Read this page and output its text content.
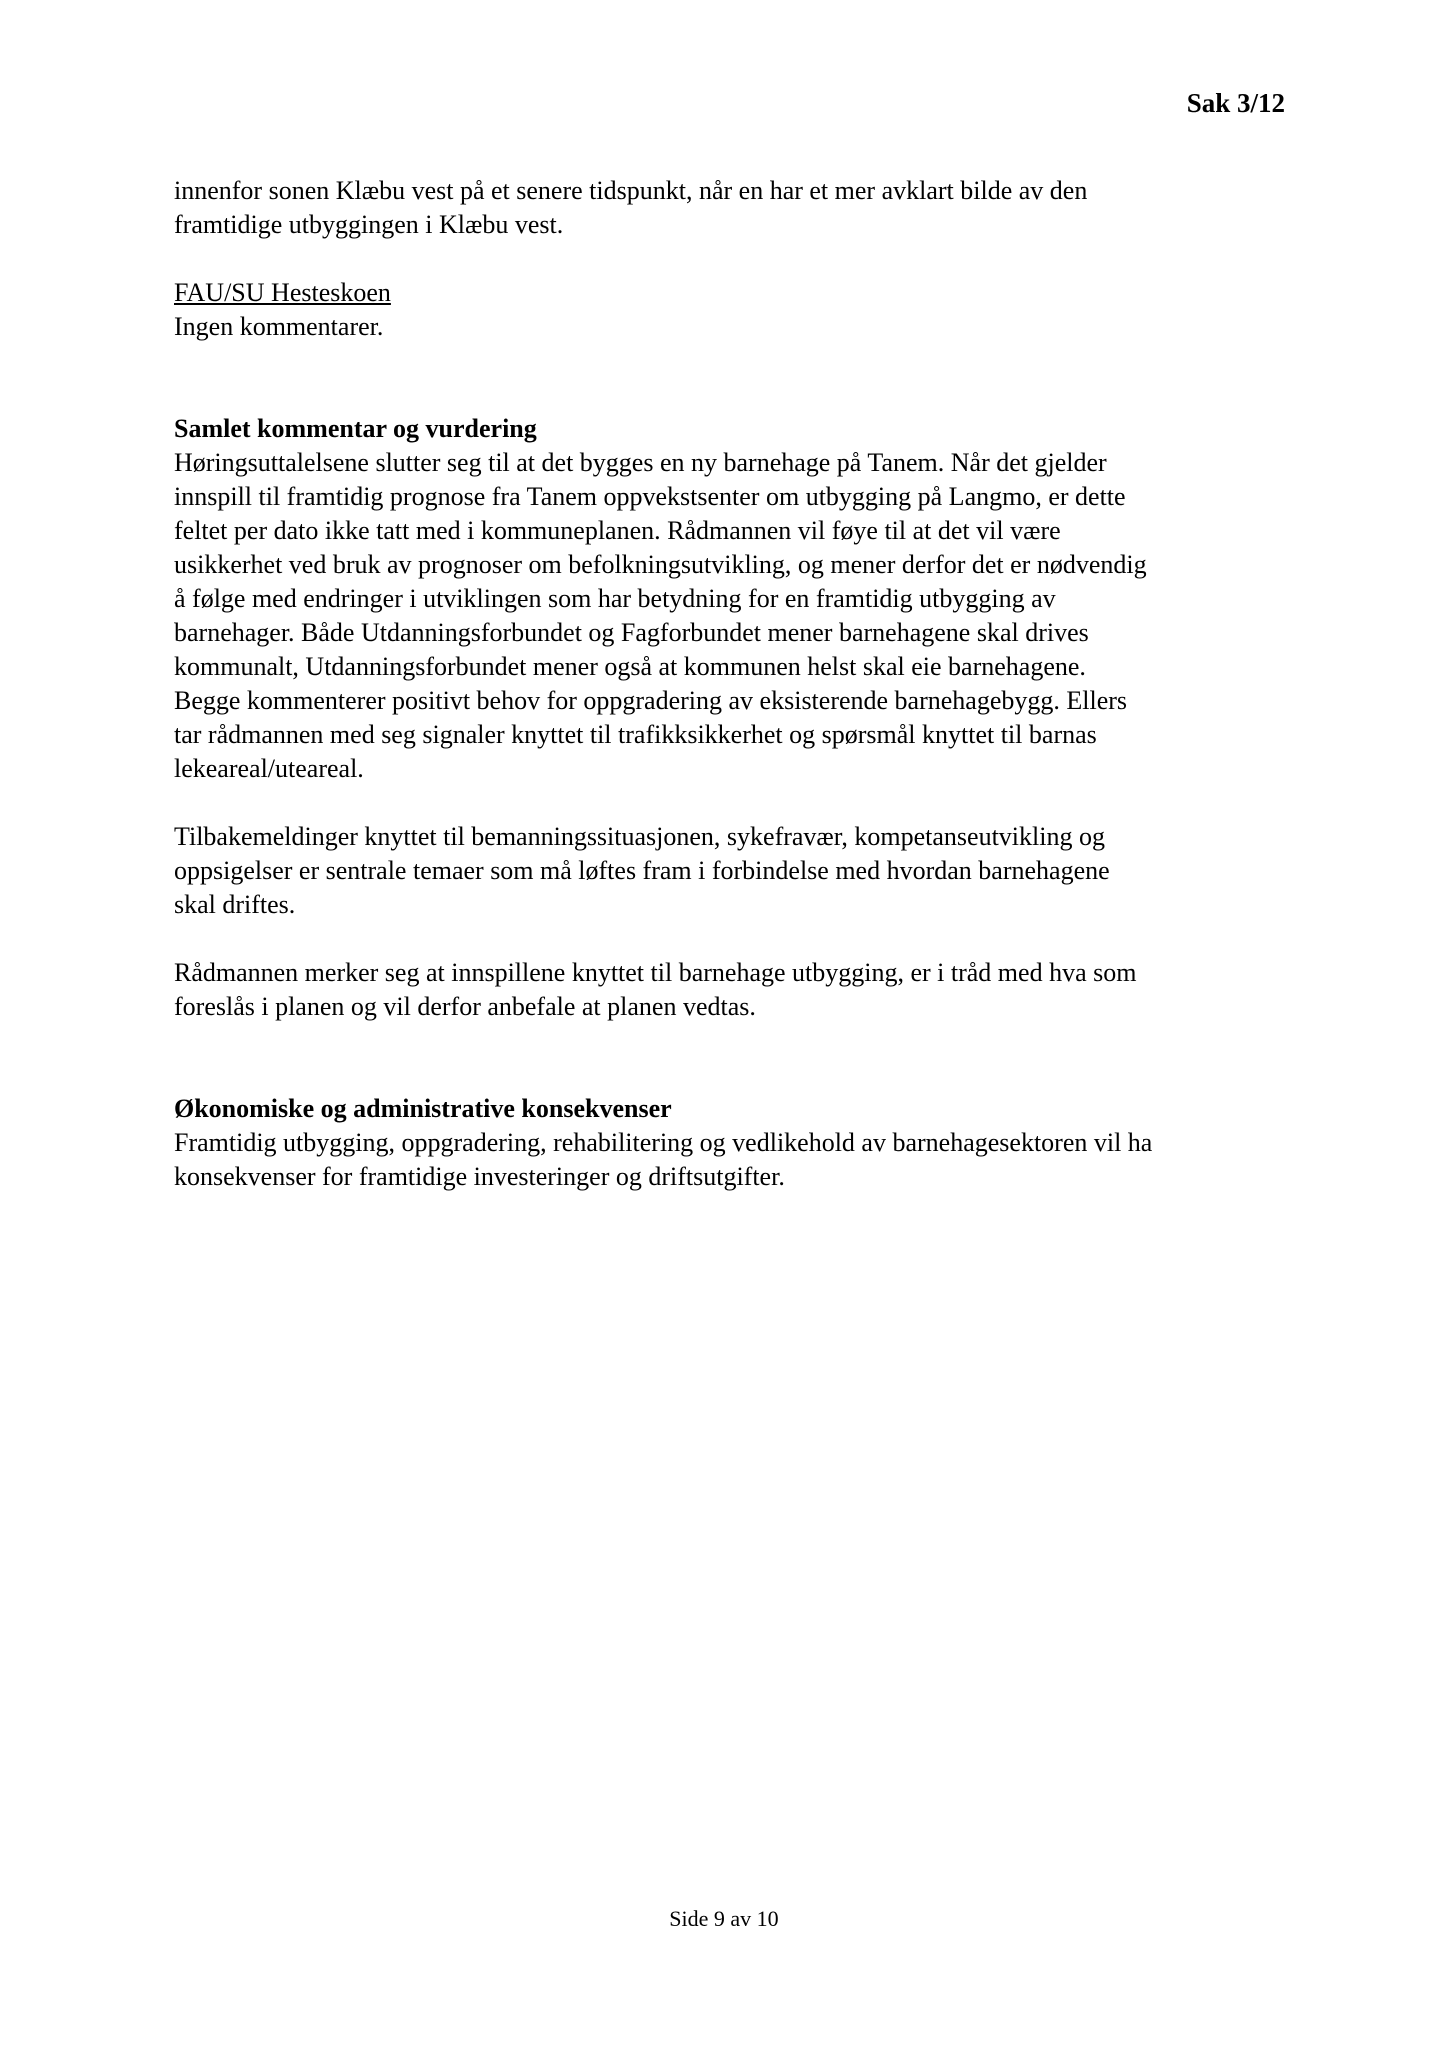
Sak 3/12

innenfor sonen Klæbu vest på et senere tidspunkt, når en har et mer avklart bilde av den

framtidige utbyggingen i Klæbu vest.

FAU/SU Hesteskoen

Ingen kommentarer.

Samlet kommentar og vurdering

Høringsuttalelsene slutter seg til at det bygges en ny barnehage på Tanem. Når det gjelder

innspill til framtidig prognose fra Tanem oppvekstsenter om utbygging på Langmo, er dette

feltet per dato ikke tatt med i kommuneplanen. Rådmannen vil føye til at det vil være

usikkerhet ved bruk av prognoser om befolkningsutvikling, og mener derfor det er nødvendig

å følge med endringer i utviklingen som har betydning for en framtidig utbygging av

barnehager. Både Utdanningsforbundet og Fagforbundet mener barnehagene skal drives

kommunalt, Utdanningsforbundet mener også at kommunen helst skal eie barnehagene.

Begge kommenterer positivt behov for oppgradering av eksisterende barnehagebygg. Ellers

tar rådmannen med seg signaler knyttet til trafikksikkerhet og spørsmål knyttet til barnas

lekeareal/uteareal.

Tilbakemeldinger knyttet til bemanningssituasjonen, sykefravær, kompetanseutvikling og

oppsigelser er sentrale temaer som må løftes fram i forbindelse med hvordan barnehagene

skal driftes.

Rådmannen merker seg at innspillene knyttet til barnehage utbygging, er i tråd med hva som

foreslås i planen og vil derfor anbefale at planen vedtas.

Økonomiske og administrative konsekvenser

Framtidig utbygging, oppgradering, rehabilitering og vedlikehold av barnehagesektoren vil ha

konsekvenser for framtidige investeringer og driftsutgifter.

Side 9 av 10
